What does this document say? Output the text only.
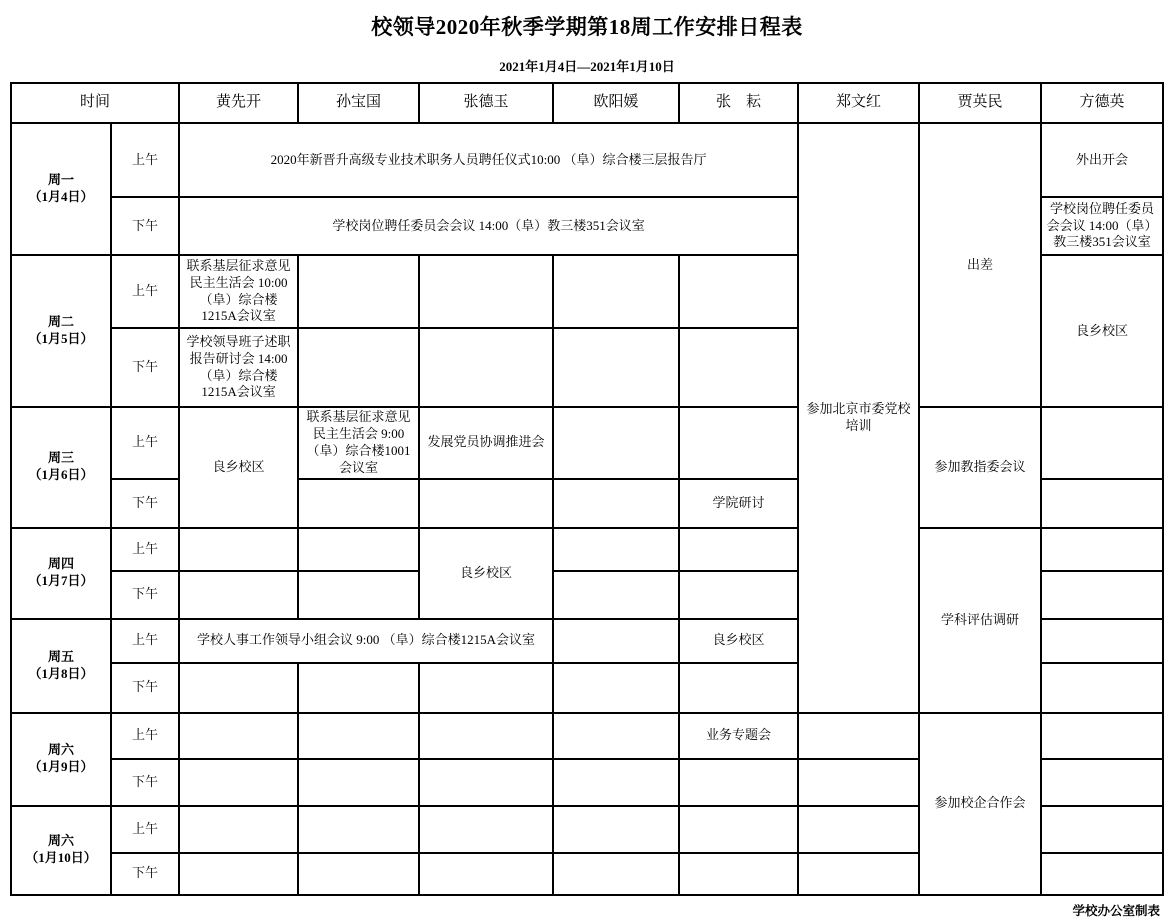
校领导2020年秋季学期第18周工作安排日程表
2021年1月4日—2021年1月10日
时间		黄先开	孙宝国	张德玉	欧阳媛	张　耘	郑文红	贾英民	方德英

周一
（1月4日）	上午	2020年新晋升高级专业技术职务人员聘任仪式10:00 （阜）综合楼三层报告厅					参加北京市委党校培训	出差	外出开会
	下午	学校岗位聘任委员会会议 14:00（阜）教三楼351会议室							学校岗位聘任委员会会议 14:00（阜）教三楼351会议室

周二
（1月5日）	上午	联系基层征求意见民主生活会 10:00（阜）综合楼1215A会议室							良乡校区
	下午	学校领导班子述职报告研讨会 14:00（阜）综合楼1215A会议室							

周三
（1月6日）	上午	良乡校区	联系基层征求意见民主生活会 9:00（阜）综合楼1001会议室	发展党员协调推进会				参加教指委会议	
	下午					学院研讨			

周四
（1月7日）	上午			良乡校区				学科评估调研	
	下午								

周五
（1月8日）	上午	学校人事工作领导小组会议 9:00 （阜）综合楼1215A会议室				良乡校区			
	下午								

周六
（1月9日）	上午					业务专题会		参加校企合作会	
	下午								

周六
（1月10日）	上午								
	下午								
学校办公室制表
